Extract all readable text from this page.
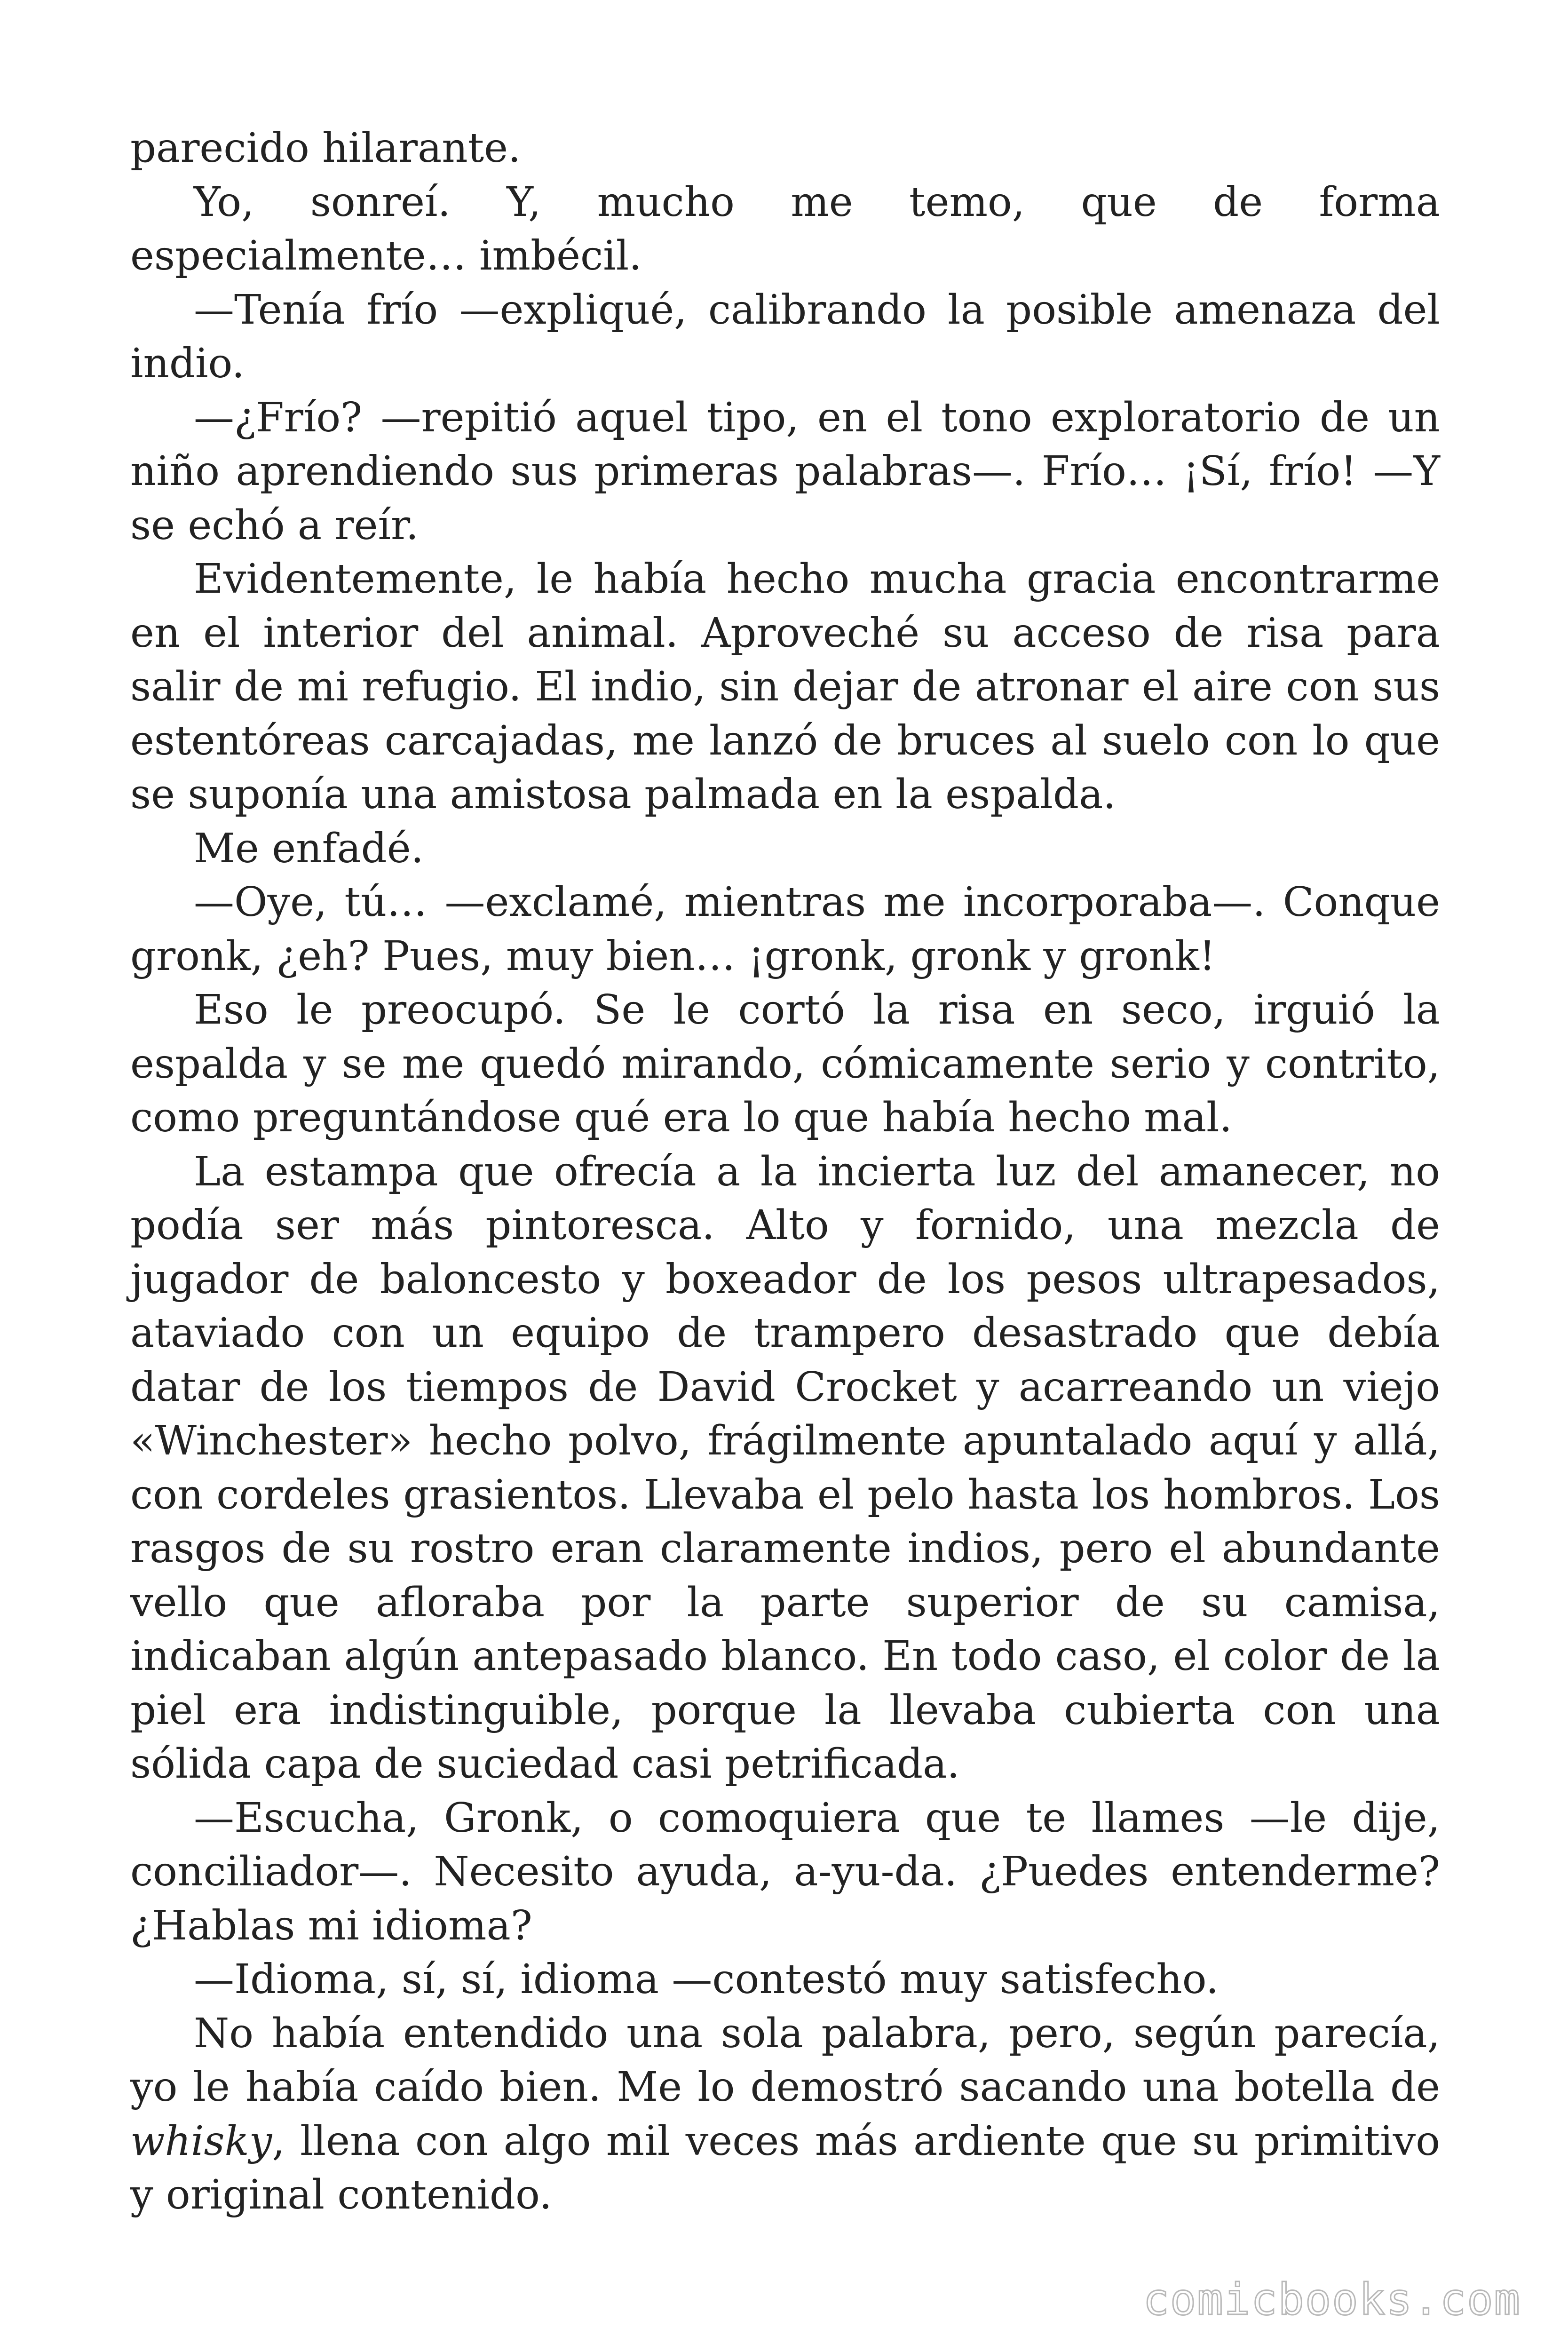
parecido hilarante.

Yo, sonreí. Y, mucho me temo, que de forma especialmente… imbécil.

—Tenía frío —expliqué, calibrando la posible amenaza del indio.

—¿Frío? —repitió aquel tipo, en el tono exploratorio de un niño aprendiendo sus primeras palabras—. Frío… ¡Sí, frío! —Y se echó a reír.

Evidentemente, le había hecho mucha gracia encontrarme en el interior del animal. Aproveché su acceso de risa para salir de mi refugio. El indio, sin dejar de atronar el aire con sus estentóreas carcajadas, me lanzó de bruces al suelo con lo que se suponía una amistosa palmada en la espalda.

Me enfadé.

—Oye, tú… —exclamé, mientras me incorporaba—. Conque gronk, ¿eh? Pues, muy bien… ¡gronk, gronk y gronk!

Eso le preocupó. Se le cortó la risa en seco, irguió la espalda y se me quedó mirando, cómicamente serio y contrito, como preguntándose qué era lo que había hecho mal.

La estampa que ofrecía a la incierta luz del amanecer, no podía ser más pintoresca. Alto y fornido, una mezcla de jugador de baloncesto y boxeador de los pesos ultrapesados, ataviado con un equipo de trampero desastrado que debía datar de los tiempos de David Crocket y acarreando un viejo «Winchester» hecho polvo, frágilmente apuntalado aquí y allá, con cordeles grasientos. Llevaba el pelo hasta los hombros. Los rasgos de su rostro eran claramente indios, pero el abundante vello que afloraba por la parte superior de su camisa, indicaban algún antepasado blanco. En todo caso, el color de la piel era indistinguible, porque la llevaba cubierta con una sólida capa de suciedad casi petrificada.

—Escucha, Gronk, o comoquiera que te llames —le dije, conciliador—. Necesito ayuda, a-yu-da. ¿Puedes entenderme? ¿Hablas mi idioma?

—Idioma, sí, sí, idioma —contestó muy satisfecho.

No había entendido una sola palabra, pero, según parecía, yo le había caído bien. Me lo demostró sacando una botella de whisky, llena con algo mil veces más ardiente que su primitivo y original contenido.

comicbooks.com
